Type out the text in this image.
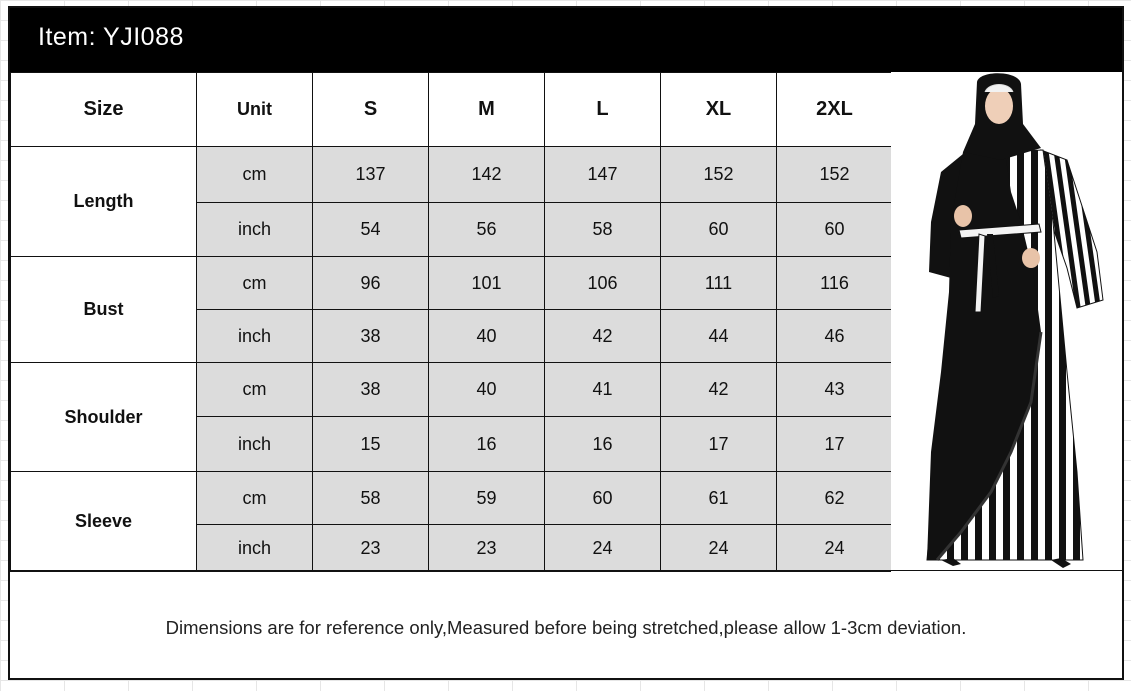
Item: YJI088
Size	Unit	S	M	L	XL	2XL
Length	cm	137	142	147	152	152
	inch	54	56	58	60	60
Bust	cm	96	101	106	111	116
	inch	38	40	42	44	46
Shoulder	cm	38	40	41	42	43
	inch	15	16	16	17	17
Sleeve	cm	58	59	60	61	62
	inch	23	23	24	24	24
Dimensions are for reference only,Measured before being stretched,please allow 1-3cm deviation.
